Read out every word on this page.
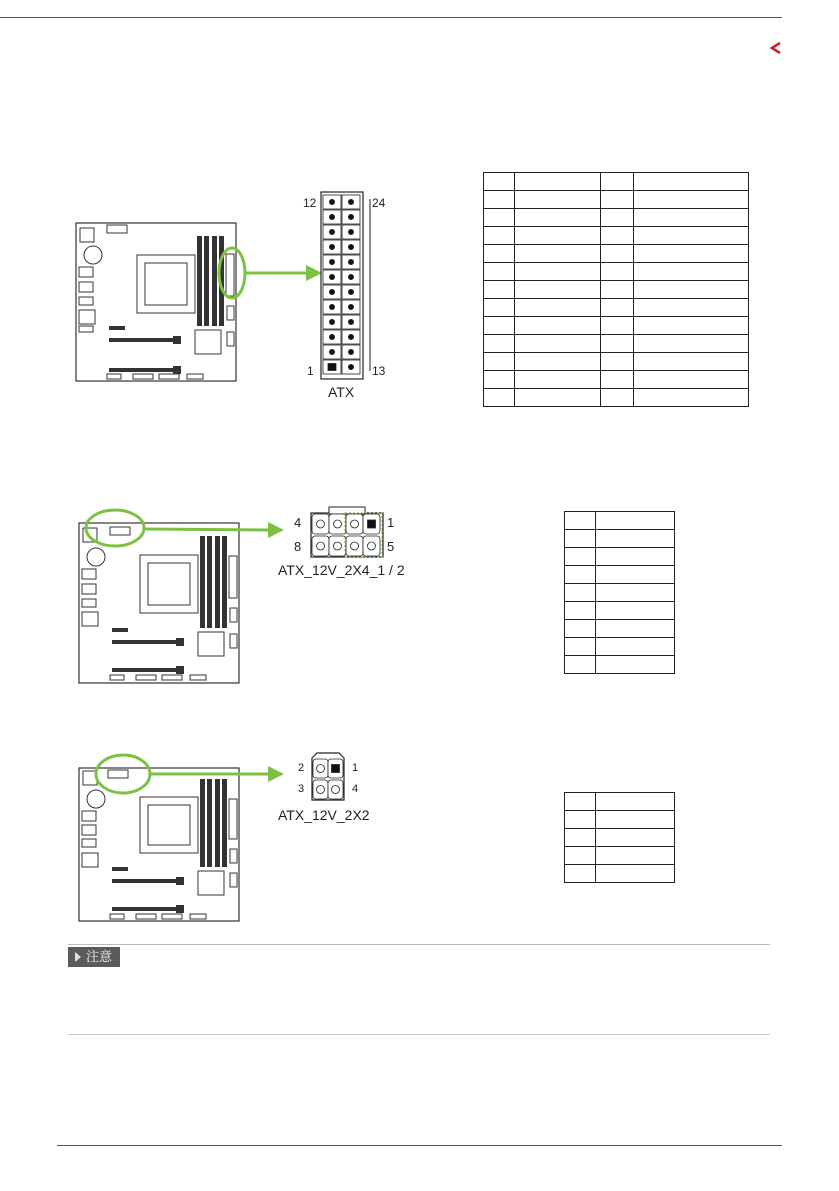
12	24
1	13
ATX

4	1
8	5
ATX_12V_2X4_1 / 2

2	1
3	4
ATX_12V_2X2

注意
